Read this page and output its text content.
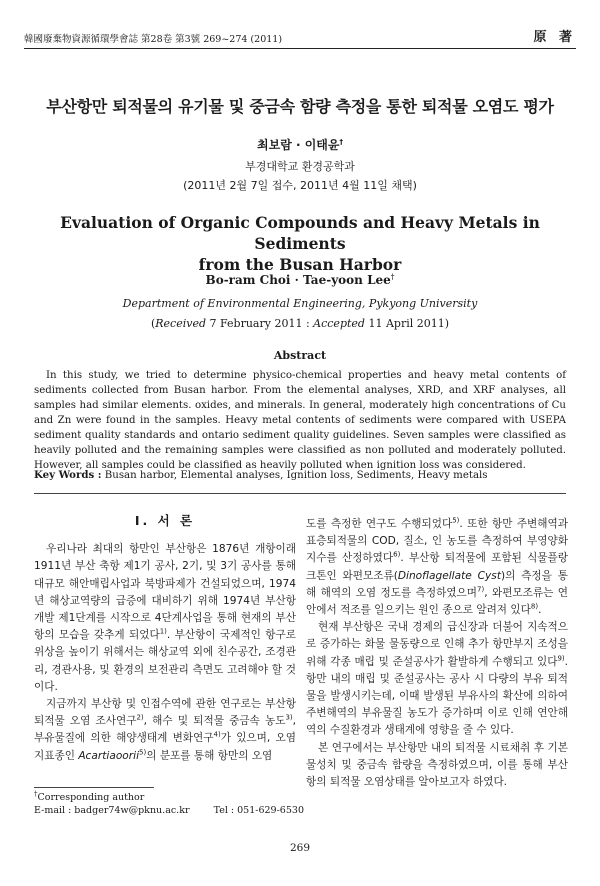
韓國廢棄物資源循環學會誌 第28卷 第3號 269~274 (2011)	原 著
부산항만 퇴적물의 유기물 및 중금속 함량 측정을 통한 퇴적물 오염도 평가
최보람 · 이태윤†
부경대학교 환경공학과
(2011년 2월 7일 접수, 2011년 4월 11일 채택)
Evaluation of Organic Compounds and Heavy Metals in Sediments
from the Busan Harbor
Bo-ram Choi · Tae-yoon Lee†
Department of Environmental Engineering, Pykyong University
(Received 7 February 2011 : Accepted 11 April 2011)
Abstract
In this study, we tried to determine physico-chemical properties and heavy metal contents of sediments collected from Busan harbor. From the elemental analyses, XRD, and XRF analyses, all samples had similar elements. oxides, and minerals. In general, moderately high concentrations of Cu and Zn were found in the samples. Heavy metal contents of sediments were compared with USEPA sediment quality standards and ontario sediment quality guidelines. Seven samples were classified as heavily polluted and the remaining samples were classified as non polluted and moderately polluted. However, all samples could be classified as heavily polluted when ignition loss was considered.
Key Words : Busan harbor, Elemental analyses, Ignition loss, Sediments, Heavy metals
I. 서 론

우리나라 최대의 항만인 부산항은 1876년 개항이래 1911년 부산 축항 제1기 공사, 2기, 및 3기 공사를 통해 대규모 해안매립사업과 북방파제가 건설되었으며, 1974년 해상교역량의 급증에 대비하기 위해 1974년 부산항 개발 제1단계를 시작으로 4단계사업을 통해 현재의 부산항의 모습을 갖추게 되었다$^{1)}$. 부산항이 국제적인 항구로 위상을 높이기 위해서는 해상교역 외에 친수공간, 조경관리, 경관사용, 및 환경의 보전관리 측면도 고려해야 할 것이다.

지금까지 부산항 및 인접수역에 관한 연구로는 부산항 퇴적물 오염 조사연구$^{2)}$, 해수 및 퇴적물 중금속 농도$^{3)}$, 부유물질에 의한 해양생태계 변화연구$^{4)}$가 있으며, 오염지표종인 Acartiaoorii$^{5)}$의 분포를 통해 항만의 오염

도를 측정한 연구도 수행되었다$^{5)}$. 또한 항만 주변해역과 표층퇴적물의 COD, 질소, 인 농도를 측정하여 부영양화 지수를 산정하였다$^{6)}$. 부산항 퇴적물에 포함된 식물플랑크톤인 와편모조류(Dinoflagellate Cyst)의 측정을 통해 해역의 오염 정도를 측정하였으며$^{7)}$, 와편모조류는 연안에서 적조를 일으키는 원인 종으로 알려져 있다$^{8)}$.

현재 부산항은 국내 경제의 급신장과 더불어 지속적으로 증가하는 화물 물동량으로 인해 추가 항만부지 조성을 위해 각종 매립 및 준설공사가 활발하게 수행되고 있다$^{9)}$. 항만 내의 매립 및 준설공사는 공사 시 다량의 부유 퇴적물을 발생시키는데, 이때 발생된 부유사의 확산에 의하여 주변해역의 부유물질 농도가 증가하며 이로 인해 연안해역의 수질환경과 생태계에 영향을 줄 수 있다.

본 연구에서는 부산항만 내의 퇴적물 시료채취 후 기본 물성치 및 중금속 함량을 측정하였으며, 이를 통해 부산항의 퇴적물 오염상태를 알아보고자 하였다.

†Corresponding author
E-mail : badger74w@pknu.ac.kr	Tel : 051-629-6530
269
